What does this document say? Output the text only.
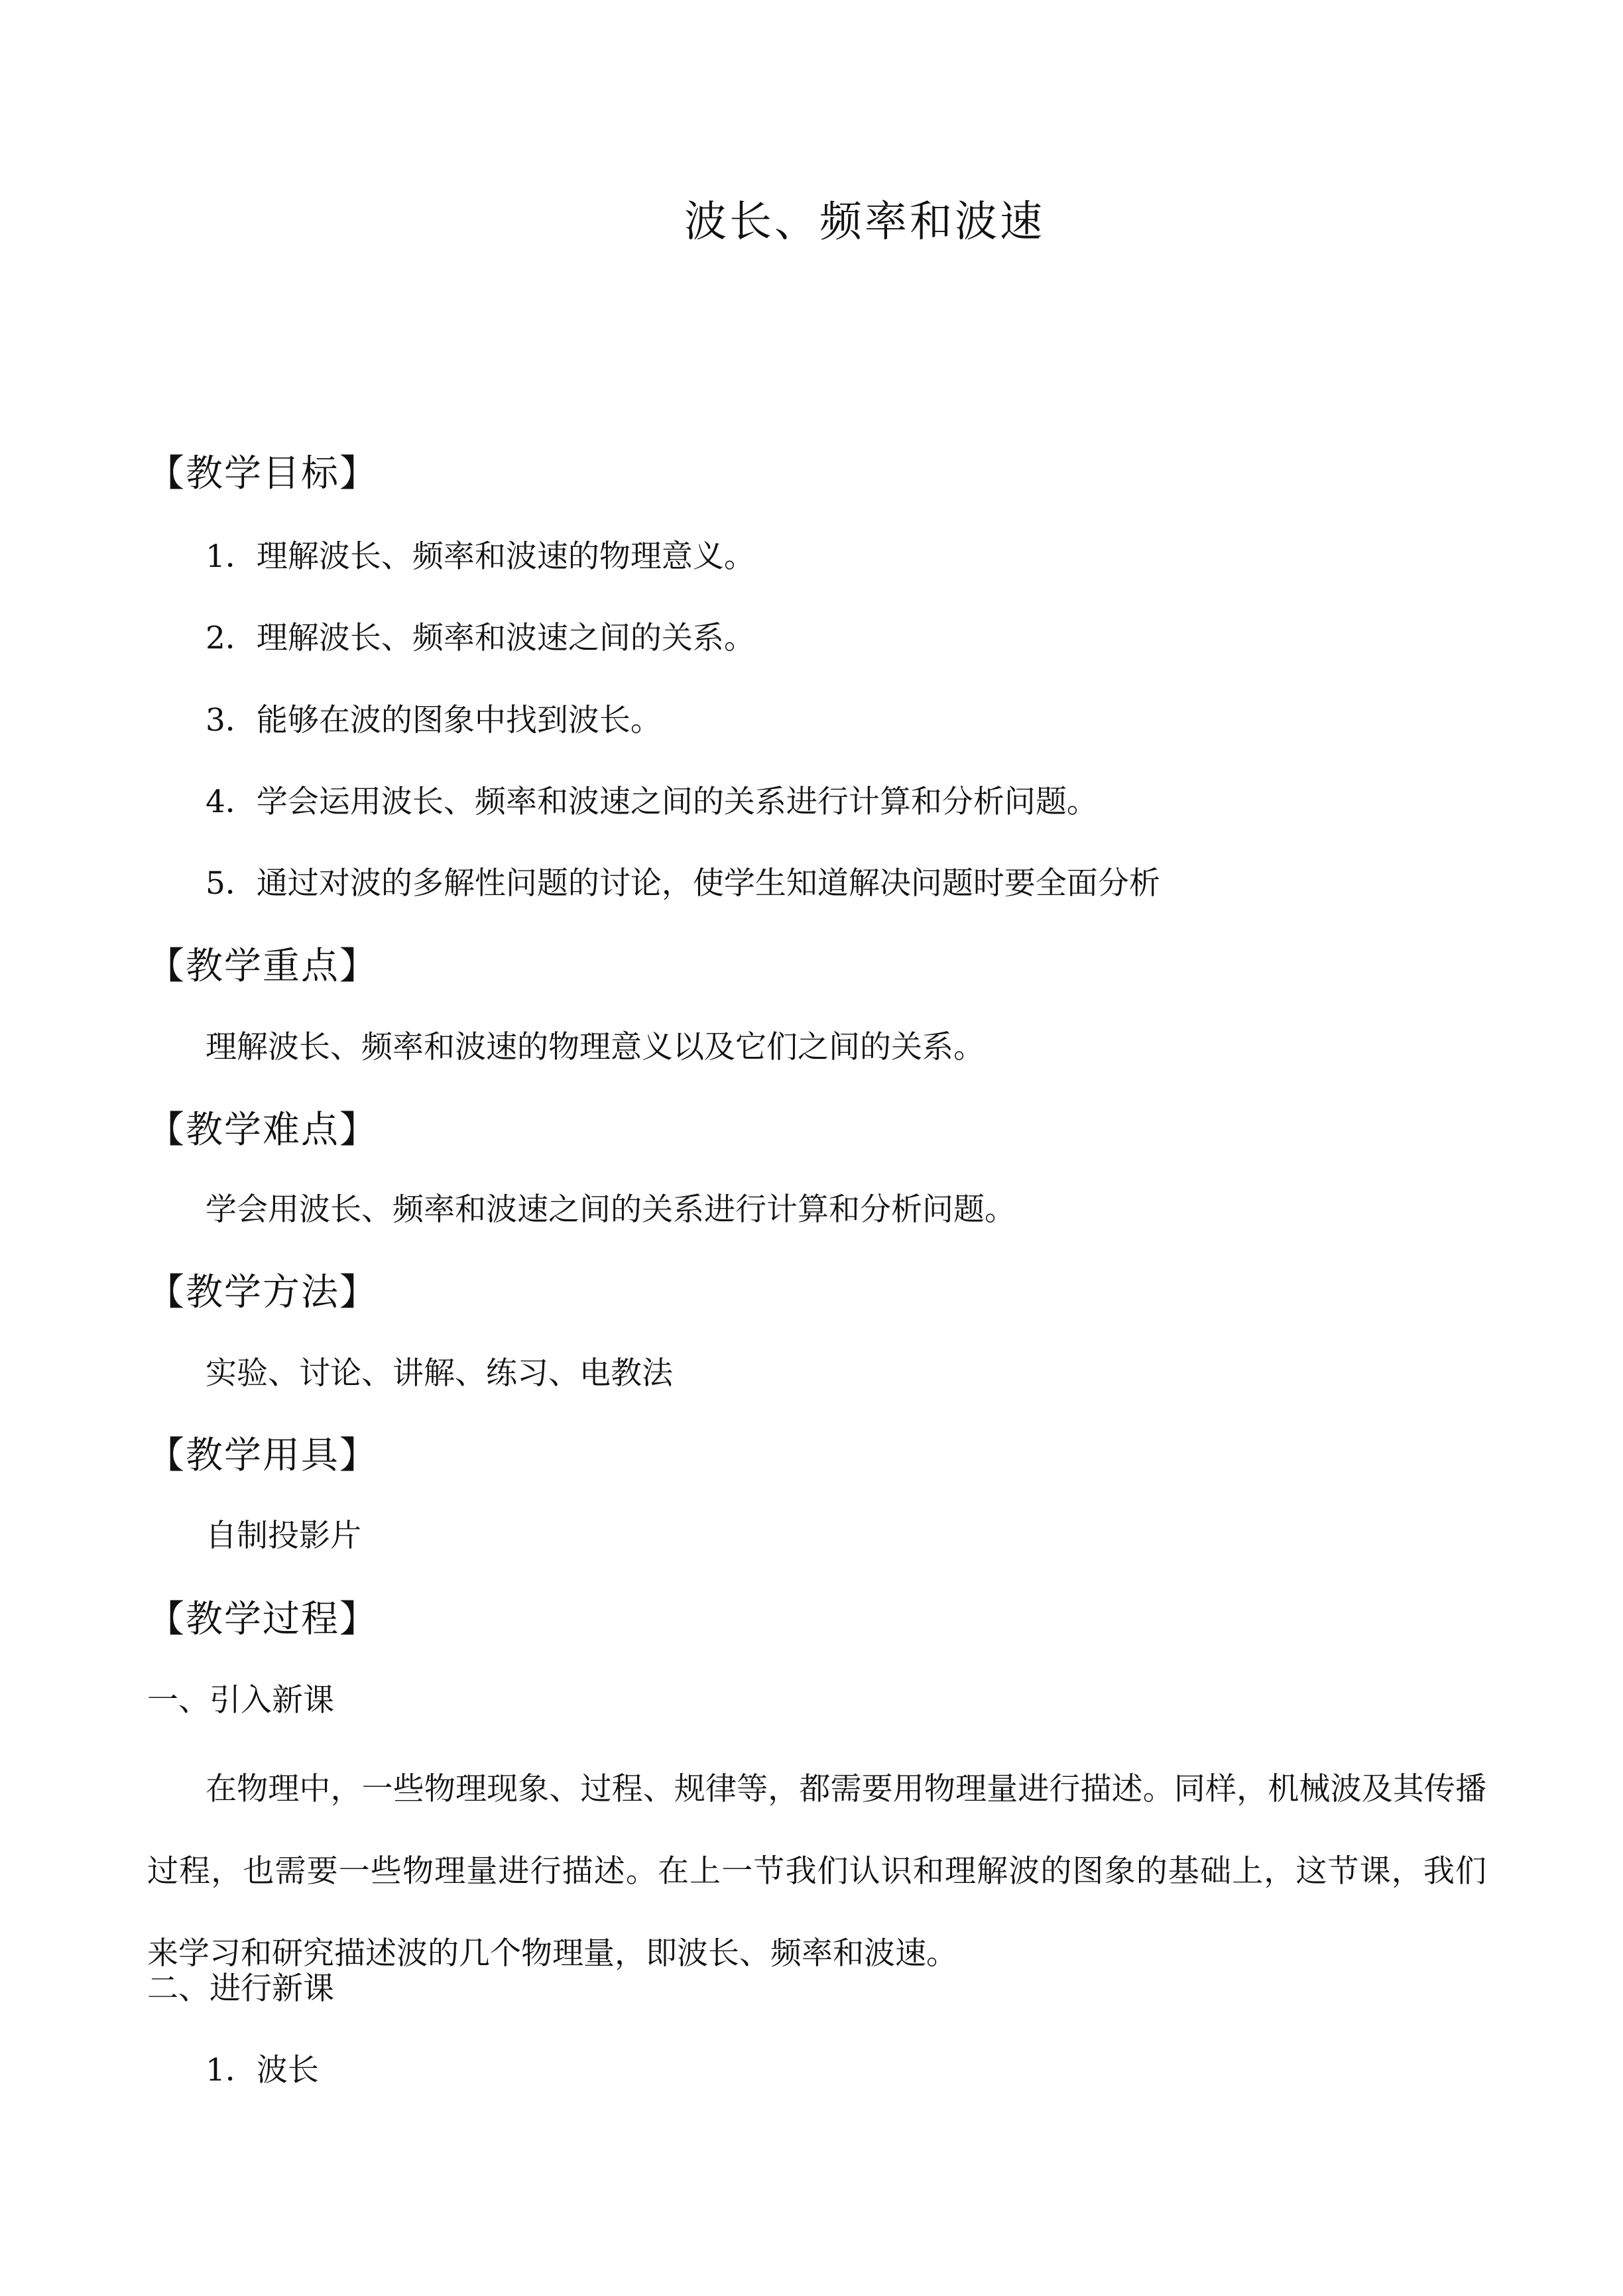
波长、频率和波速
【教学目标】
1．理解波长、频率和波速的物理意义。
2．理解波长、频率和波速之间的关系。
3．能够在波的图象中找到波长。
4．学会运用波长、频率和波速之间的关系进行计算和分析问题。
5．通过对波的多解性问题的讨论，使学生知道解决问题时要全面分析
【教学重点】
理解波长、频率和波速的物理意义以及它们之间的关系。
【教学难点】
学会用波长、频率和波速之间的关系进行计算和分析问题。
【教学方法】
实验、讨论、讲解、练习、电教法
【教学用具】
自制投影片
【教学过程】
一、引入新课
在物理中，一些物理现象、过程、规律等，都需要用物理量进行描述。同样，机械波及其传播过程，也需要一些物理量进行描述。在上一节我们认识和理解波的图象的基础上，这节课，我们来学习和研究描述波的几个物理量，即波长、频率和波速。
二、进行新课
1．波长
